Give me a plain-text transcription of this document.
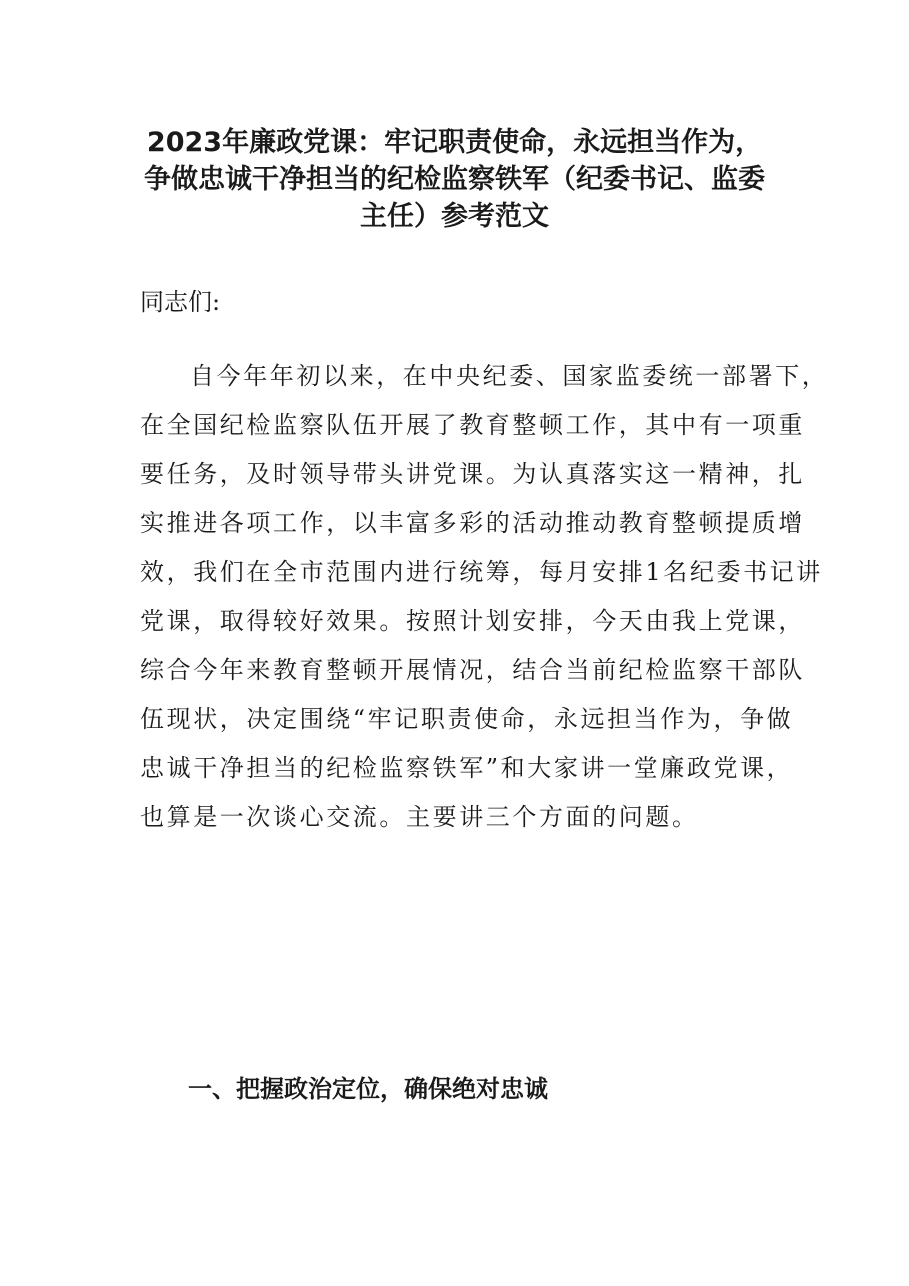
2023年廉政党课：牢记职责使命，永远担当作为，
争做忠诚干净担当的纪检监察铁军（纪委书记、监委
主任）参考范文

同志们:

自今年年初以来，在中央纪委、国家监委统一部署下，
在全国纪检监察队伍开展了教育整顿工作，其中有一项重
要任务，及时领导带头讲党课。为认真落实这一精神，扎
实推进各项工作，以丰富多彩的活动推动教育整顿提质增
效，我们在全市范围内进行统筹，每月安排1名纪委书记讲
党课，取得较好效果。按照计划安排，今天由我上党课，
综合今年来教育整顿开展情况，结合当前纪检监察干部队
伍现状，决定围绕“牢记职责使命，永远担当作为，争做
忠诚干净担当的纪检监察铁军”和大家讲一堂廉政党课，
也算是一次谈心交流。主要讲三个方面的问题。

一、把握政治定位，确保绝对忠诚
